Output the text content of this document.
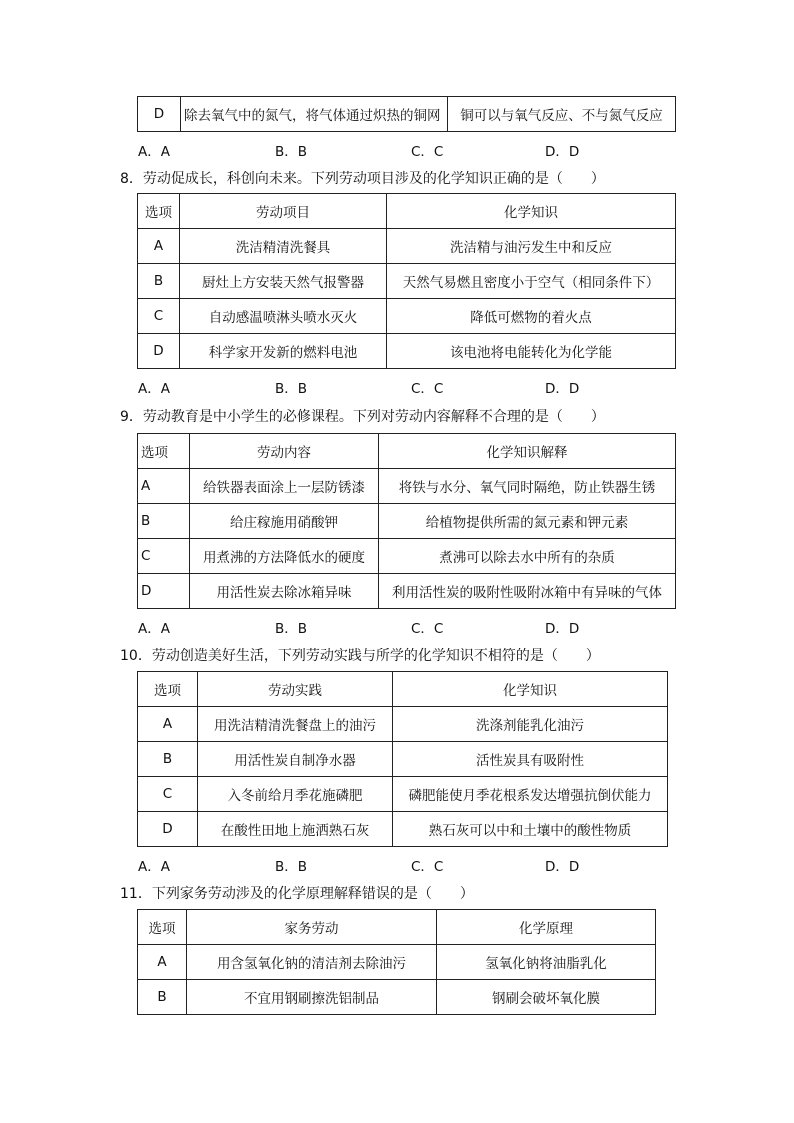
D	除去氧气中的氮气，将气体通过炽热的铜网	铜可以与氧气反应、不与氮气反应
A．A	B．B	C．C	D．D
8．劳动促成长，科创向未来。下列劳动项目涉及的化学知识正确的是（　　）
选项	劳动项目	化学知识
A	洗洁精清洗餐具	洗洁精与油污发生中和反应
B	厨灶上方安装天然气报警器	天然气易燃且密度小于空气（相同条件下）
C	自动感温喷淋头喷水灭火	降低可燃物的着火点
D	科学家开发新的燃料电池	该电池将电能转化为化学能
A．A	B．B	C．C	D．D
9．劳动教育是中小学生的必修课程。下列对劳动内容解释不合理的是（　　）
选项	劳动内容	化学知识解释
A	给铁器表面涂上一层防锈漆	将铁与水分、氧气同时隔绝，防止铁器生锈
B	给庄稼施用硝酸钾	给植物提供所需的氮元素和钾元素
C	用煮沸的方法降低水的硬度	煮沸可以除去水中所有的杂质
D	用活性炭去除冰箱异味	利用活性炭的吸附性吸附冰箱中有异味的气体
A．A	B．B	C．C	D．D
10．劳动创造美好生活，下列劳动实践与所学的化学知识不相符的是（　　）
选项	劳动实践	化学知识
A	用洗洁精清洗餐盘上的油污	洗涤剂能乳化油污
B	用活性炭自制净水器	活性炭具有吸附性
C	入冬前给月季花施磷肥	磷肥能使月季花根系发达增强抗倒伏能力
D	在酸性田地上施洒熟石灰	熟石灰可以中和土壤中的酸性物质
A．A	B．B	C．C	D．D
11．下列家务劳动涉及的化学原理解释错误的是（　　）
选项	家务劳动	化学原理
A	用含氢氧化钠的清洁剂去除油污	氢氧化钠将油脂乳化
B	不宜用钢刷擦洗铝制品	钢刷会破坏氧化膜
